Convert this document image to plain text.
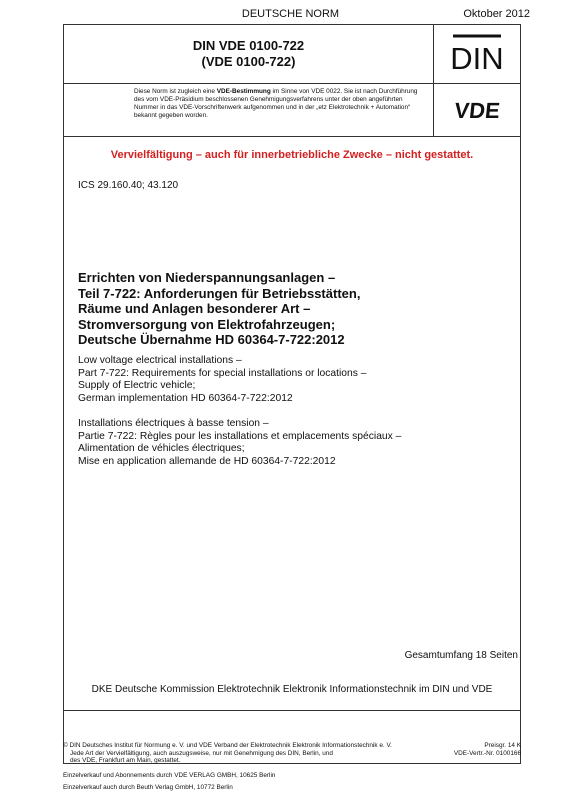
DEUTSCHE NORM	Oktober 2012
DIN VDE 0100-722
(VDE 0100-722)	DIN
Diese Norm ist zugleich eine VDE-Bestimmung im Sinne von VDE 0022. Sie ist nach Durchführung des vom VDE-Präsidium beschlossenen Genehmigungsverfahrens unter der oben angeführten Nummer in das VDE-Vorschriftenwerk aufgenommen und in der „etz Elektrotechnik + Automation“ bekannt gegeben worden.	VDE
Vervielfältigung – auch für innerbetriebliche Zwecke – nicht gestattet.
ICS 29.160.40; 43.120
Errichten von Niederspannungsanlagen –
Teil 7-722: Anforderungen für Betriebsstätten,
Räume und Anlagen besonderer Art –
Stromversorgung von Elektrofahrzeugen;
Deutsche Übernahme HD 60364-7-722:2012
Low voltage electrical installations –
Part 7-722: Requirements for special installations or locations –
Supply of Electric vehicle;
German implementation HD 60364-7-722:2012
Installations électriques à basse tension –
Partie 7-722: Règles pour les installations et emplacements spéciaux –
Alimentation de véhicles électriques;
Mise en application allemande de HD 60364-7-722:2012
Gesamtumfang 18 Seiten
DKE Deutsche Kommission Elektrotechnik Elektronik Informationstechnik im DIN und VDE
© DIN Deutsches Institut für Normung e. V. und VDE Verband der Elektrotechnik Elektronik Informationstechnik e. V.
Jede Art der Vervielfältigung, auch auszugsweise, nur mit Genehmigung des DIN, Berlin, und
des VDE, Frankfurt am Main, gestattet.
Preisgr. 14 K
VDE-Vertr.-Nr. 0100166
Einzelverkauf und Abonnements durch VDE VERLAG GMBH, 10625 Berlin
Einzelverkauf auch durch Beuth Verlag GmbH, 10772 Berlin
